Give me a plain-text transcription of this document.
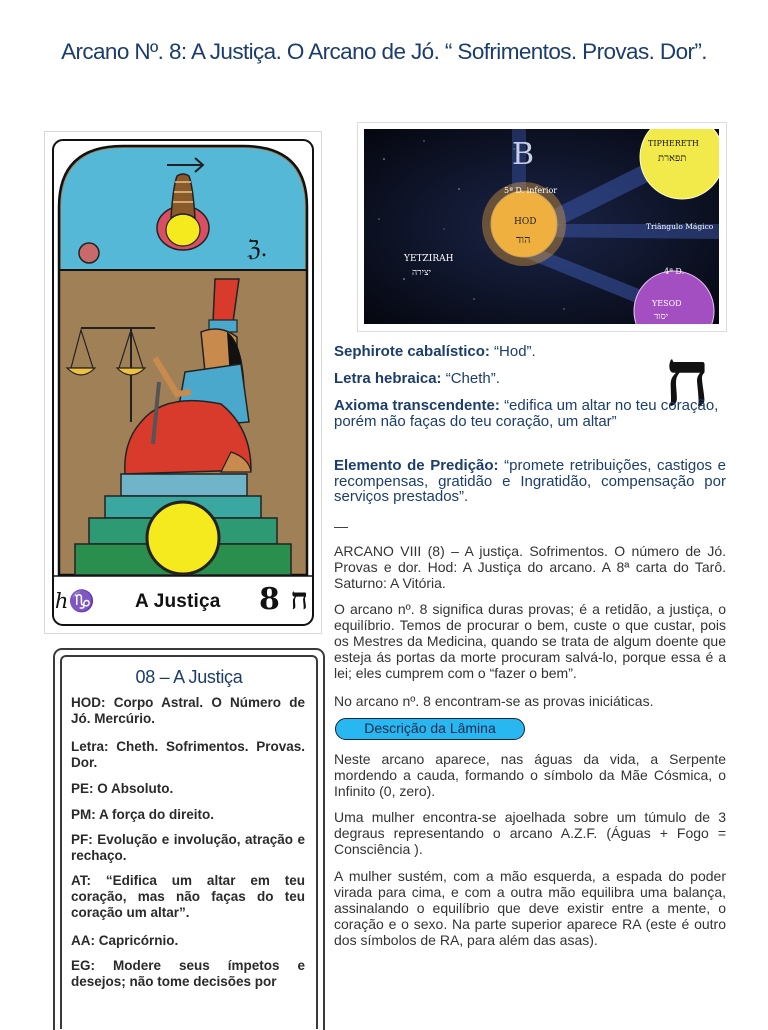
Arcano Nº. 8: A Justiça. O Arcano de Jó. “ Sofrimentos. Provas. Dor”.
ℨ.
ℎ♑ A Justiça ח 8
B
5ª D. inferior
HOD
הוד
TIPHERETH
תפארת
YESOD
יסוד
YETZIRAH
יצירה
Triângulo Mágico
4ª D.
ח
Sephirote cabalístico: “Hod”.
Letra hebraica: “Cheth”.
Axioma transcendente: “edifica um altar no teu coração, porém não faças do teu coração, um altar”
Elemento de Predição: “promete retribuições, castigos e recompensas, gratidão e Ingratidão, compensação por serviços prestados”.
—
ARCANO VIII (8) – A justiça. Sofrimentos. O número de Jó. Provas e dor. Hod: A Justiça do arcano. A 8ª carta do Tarô. Saturno: A Vitória.
O arcano nº. 8 significa duras provas; é a retidão, a justiça, o equilíbrio. Temos de procurar o bem, custe o que custar, pois os Mestres da Medicina, quando se trata de algum doente que esteja ás portas da morte procuram salvá-lo, porque essa é a lei; eles cumprem com o “fazer o bem”.
No arcano nº. 8 encontram-se as provas iniciáticas.
Descrição da Lâmina
Neste arcano aparece, nas águas da vida, a Serpente mordendo a cauda, formando o símbolo da Mãe Cósmica, o Infinito (0, zero).
Uma mulher encontra-se ajoelhada sobre um túmulo de 3 degraus representando o arcano A.Z.F. (Águas + Fogo = Consciência ).
A mulher sustém, com a mão esquerda, a espada do poder virada para cima, e com a outra mão equilibra uma balança, assinalando o equilíbrio que deve existir entre a mente, o coração e o sexo. Na parte superior aparece RA (este é outro dos símbolos de RA, para além das asas).
08 – A Justiça
HOD: Corpo Astral. O Número de Jó. Mercúrio.
Letra: Cheth. Sofrimentos. Provas. Dor.
PE: O Absoluto.
PM: A força do direito.
PF: Evolução e involução, atração e rechaço.
AT: “Edifica um altar em teu coração, mas não faças do teu coração um altar”.
AA: Capricórnio.
EG: Modere seus ímpetos e desejos; não tome decisões por
